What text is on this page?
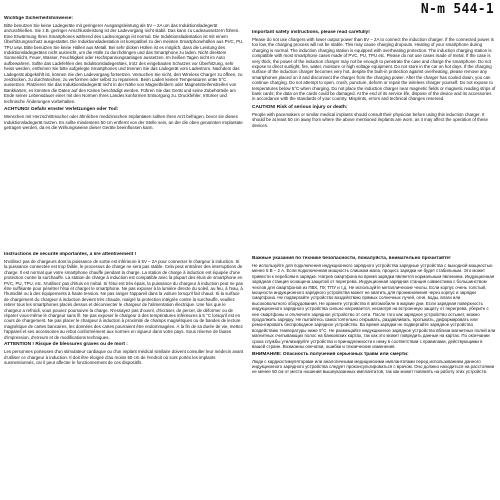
N-m 544-1
Wichtige Sicherheitshinweise:

Bitte benutzen Sie keine Ladegeräte mit geringerer Ausgangsleistung als 5V – 2A um das Induktionsladegerät anzuschließen. Sie z.B. geringer Anschlussleistung ist der Ladevorgang nicht stabil. Das kann zu Ladeaussetzern führen. Eine Erwärmung Ihres Smartphones während des Ladevorgangs ist normal. Die Induktionsladestation ist mit einem Überhitzungsschutz ausgestattet. Die Induktionsladestation ist kompatibel zu den meisten Smartphonehüllen aus PVC, PU, TPU usw. Bitte benutzen Sie keine Hüllen aus Metall. Bei sehr dicken Hüllen ist es möglich, dass die Leistung des Induktionsladegerätes nicht ausreicht, um die Hülle zu durchdringen und das Smartphone zu laden. Nicht direktem Sonnenlicht, Feuer, Wasser, Feuchtigkeit oder Hochspannungsanlagen aussetzen. Im heißen Tagen nicht im Auto aufbewahren. Sollte das Ladefehlen des Induktionsladegerätes, trotz des eingebauten Schutzes vor Überhitzung, sehr heiss werden, entfernen Sie bitte aufgelegte Smartphones und trennen Sie das Ladegerät vom Ladestrom. Nachdem das Ladegerät abgekühlt ist, können Sie den Ladevorgang fortsetzen. Versuchen Sie nicht, den Wireless Charger zu öffnen, zu zerdrücken, zu durchstechen, zu verformen oder selbst zu reparieren. Beim Laden keinen Temperaturen unter 5°C aussetzen. Platzieren Sie das Induktionsladegerät nicht in der Nähe von Magnetfeldern oder Magnetstreifenstreifen von Bankkarten, es könnten die Daten auf den Karten beschädigt werden. Führen Sie das Gerät und seine Zubehörteile am Ende seiner Lebensdauer einer mit den Normen Ihres Landes konformen Entsorgung zu. Druckfehler, Irrtümer und technische Änderungen vorbehalten.

ACHTUNG! Gefahr ernster Verletzungen oder Tod:

Menschen mit Herzschrittmacher oder ähnlichen medizinischen Implantaten sollten ihren Arzt befragen, bevor sie dieses Induktionsladegerät nutzen. Es sollte mindestens 50 cm entfernt von der Stelle sein, an der die oben genannten Implantate getragen werden, da es die Wirkungsweise dieser Geräte beeinflussen kann.

Important safety instructions, please read carefully!

Please do not use chargers with lower output power than 5V – 2A to connect the induction charger. If the connected power is too low, the charging process will not be stable. This may cause charging dropouts. Heating of your smartphone during charging is normal. The induction charging station is equipped with overheating protection. The induction charging station is compatible with most smartphone cases made of PVC, PU, TPU etc. Please do not use cases made of metal. If the case is very thick, the power of the induction charger may not be enough to penetrate the case and charge the smartphone. Do not expose to direct sunlight, fire, water, moisture or high voltage equipment. Do not store in the car on hot days. If the charging surface of the induction charger becomes very hot, despite the built-in protection against overheating, please remove any smartphones placed on it and disconnect the charger from the charging power. After the charger has cooled down, you can continue charging. Do not attempt to open, crush, puncture, deform or repair the wireless charger yourself. Do not expose to temperatures below 5°C when charging. Do not place the induction charger near magnetic fields or magnetic reading strips of bank cards; the data on the cards could be damaged. At the end of its service life, dispose of the device and its accessories in accordance with the standards of your country. Misprints, errors and technical changes reserved.

CAUTION! Risk of serious injury or death:

People with pacemakers or similar medical implants should consult their physician before using this induction charger. It should be at least 50 cm away from where the above mentioned implants are worn, as it may affect the operation of these devices.

Instructions de sécurité importantes, à lire attentivement !

N'utilisez pas de chargeurs dont la puissance de sortie est inférieure à 5V – 2A pour connecter le chargeur à induction. Si la puissance connectée est trop faible, le processus de charge ne sera pas stable. Cela peut entraîner des interruptions de charge. Il est normal que votre smartphone chauffe pendant la charge. La station de charge à induction est équipée d'une protection contre la surchauffe. La station de charge à induction est compatible avec la plupart des étuis de smartphone en PVC, PU, TPU, etc. N'utilisez pas d'étuis en métal. Si l'étui est très épais, la puissance du chargeur à induction peut ne pas être suffisante pour pénétrer l'étui et charger le smartphone. Ne pas exposer à la lumière directe du soleil, au feu, à l'eau, à l'humidité ou à des équipements à haute tension. Ne pas ranger l'appareil dans la voiture lorsqu'il fait chaud. Si la surface de chargement du chargeur à induction devient très chaude, malgré la protection intégrée contre la surchauffe, veuillez retirer tous les smartphones placés dessus et déconnecter le chargeur de l'alimentation électrique. Une fois que le chargeur a refroidi, vous pouvez poursuivre la charge. N'essayez pas d'ouvrir, d'écraser, de percer, de déformer ou de réparer vous-même le chargeur sans fil. Ne pas exposer le chargeur à des températures inférieures à 5 °C lorsqu'il est en cours de chargement. Ne pas placer le chargeur à induction à proximité de champs magnétiques ou de bandes de lecture magnétique de cartes bancaires, les données des cartes pourraient être endommagées. À la fin de sa durée de vie, mettez l'appareil et ses accessoires au rebut conformément aux normes en vigueur dans votre pays. Sous réserve de fautes d'impression, d'erreurs et de modifications techniques.

ATTENTION ! Risque de blessures graves ou de mort :

Les personnes porteuses d'un stimulateur cardiaque ou d'un implant médical similaire doivent consulter leur médecin avant d'utiliser ce chargeur à induction. Il doit être éloigné d'au moins 50 cm de l'endroit où sont portés les implants susmentionnés, car il peut affecter le fonctionnement de ces dispositifs.

Важные указания по технике безопасности, пожалуйста, внимательно прочитайте!

Не используйте для подключения индукционного зарядного устройства зарядные устройства с выходной мощностью менее 5 В – 2 А. Если подключенная мощность слишком мала, процесс зарядки не будет стабильным. Это может привести к перебоям в зарядке. Нагрев смартфона во время зарядки является нормальным явлением. Индукционная зарядная станция оснащена защитой от перегрева. Индукционная зарядная станция совместима с большинством чехлов для смартфонов из ПВХ, ПУ, ТПУ и т.д. Не используйте металлические чехлы. Если корпус очень толстый, мощности индукционного зарядного устройства может не хватить для проникновения через корпус и зарядки смартфона. Не подвергайте устройство воздействию прямых солнечных лучей, огня, воды, влаги или высоковольтного оборудования. Не храните устройство в автомобиле в жаркие дни. Если зарядная поверхность индукционного зарядного устройства сильно нагревается, несмотря на встроенную защиту от перегрева, уберите с нее смартфоны и отключите зарядное устройство от сети. После того как зарядное устройство остынет, можно продолжить зарядку. Не пытайтесь самостоятельно открывать, раздавливать, протыкать, деформировать или ремонтировать беспроводное зарядное устройство. Во время зарядки не подвергайте зарядное устройство воздействию температуры ниже 5°C. Не размещайте индукционное зарядное устройство вблизи магнитных полей или магнитных считывающих полос на банковских картах, так как это может повредить данные на картах. По окончании срока службы утилизируйте устройство и принадлежности к нему в соответствии с правилами, действующими в вашей стране. Возможны опечатки, ошибки и технические изменения.

ВНИМАНИЕ: Опасность получения серьезных травм или смерти:

Люди с кардиостимуляторами или аналогичными медицинскими имплантатами перед использованием данного индукционного зарядного устройства следует проконсультироваться с врачом. Оно должно находиться на расстоянии не менее 50 см от места ношения вышеуказанных имплантатов, так как может повлиять на работу этих устройств.
